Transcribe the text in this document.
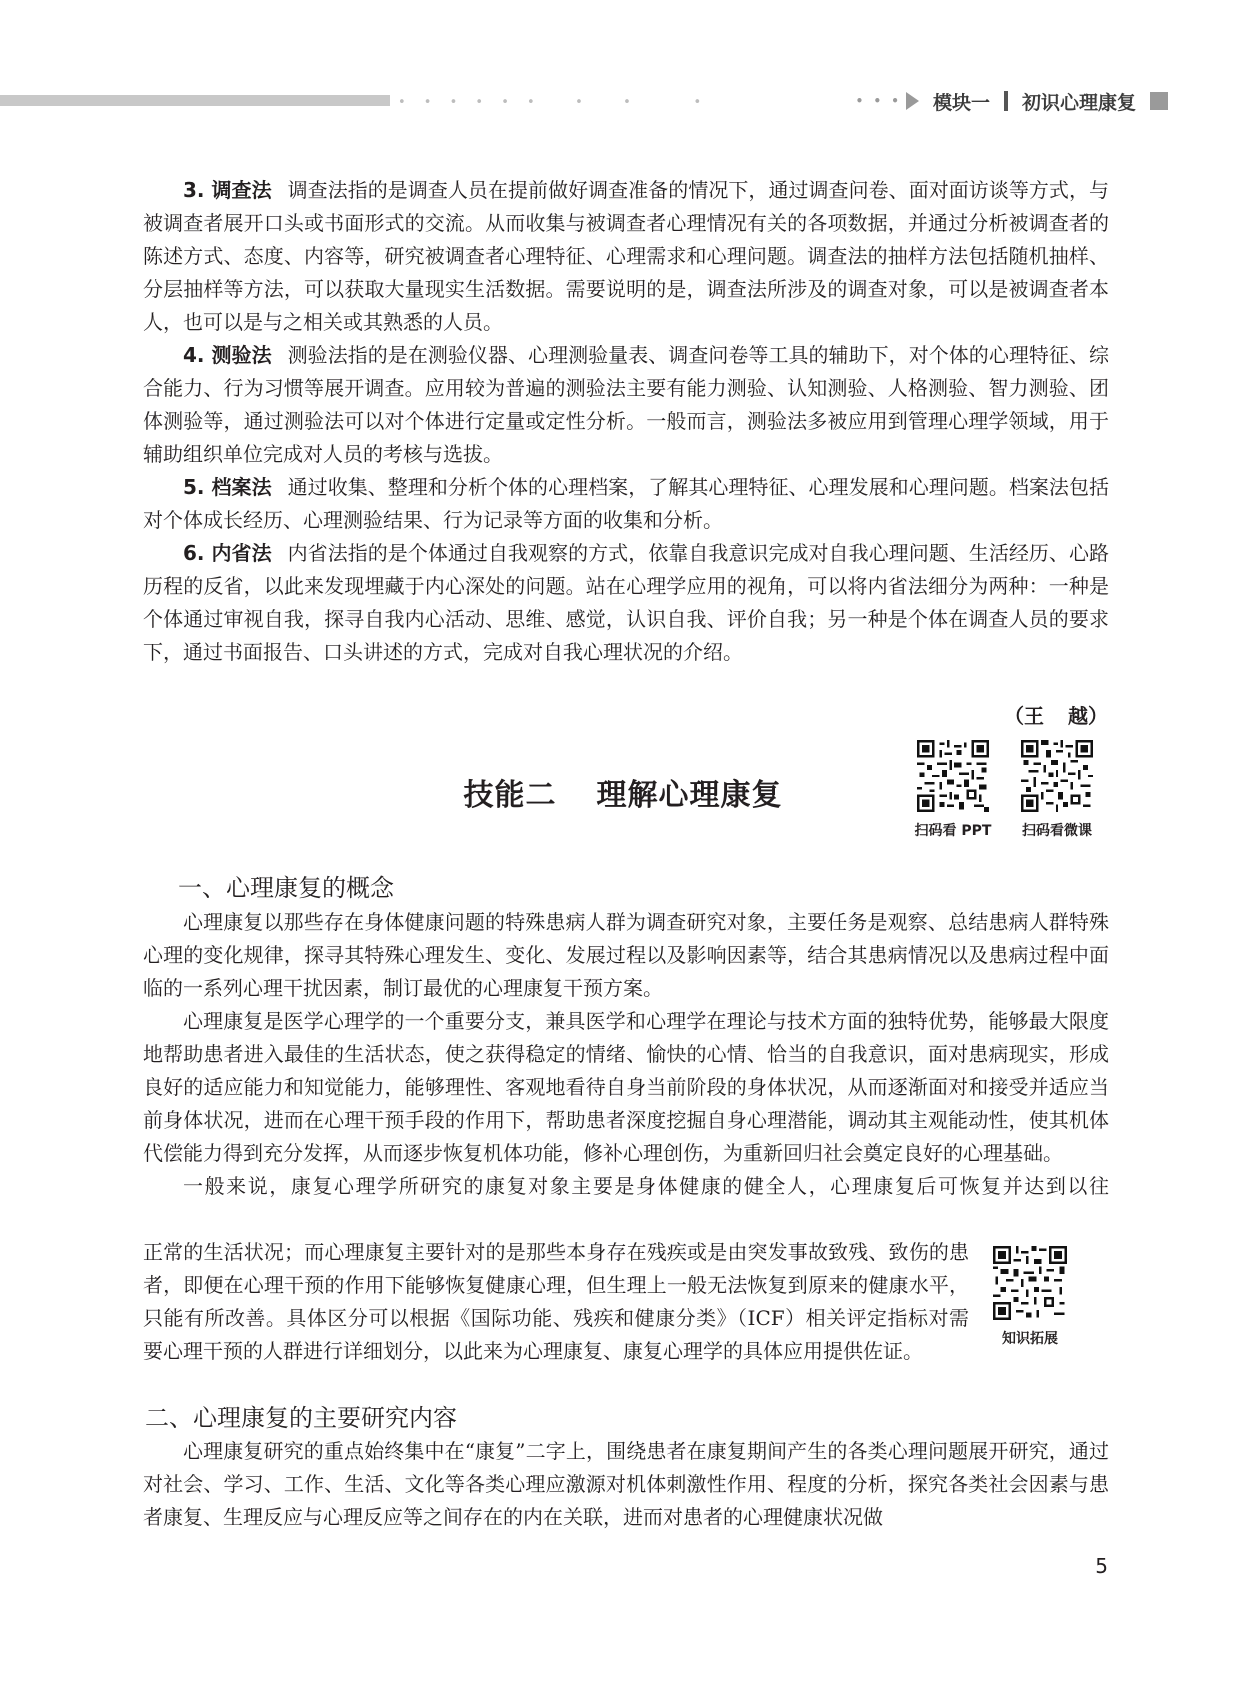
• • • • • •   •   •     •	• • • 模块一 初识心理康复

3. 调查法 调查法指的是调查人员在提前做好调查准备的情况下，通过调查问卷、面对面访谈等方式，与被调查者展开口头或书面形式的交流。从而收集与被调查者心理情况有关的各项数据，并通过分析被调查者的陈述方式、态度、内容等，研究被调查者心理特征、心理需求和心理问题。调查法的抽样方法包括随机抽样、分层抽样等方法，可以获取大量现实生活数据。需要说明的是，调查法所涉及的调查对象，可以是被调查者本人，也可以是与之相关或其熟悉的人员。

4. 测验法 测验法指的是在测验仪器、心理测验量表、调查问卷等工具的辅助下，对个体的心理特征、综合能力、行为习惯等展开调查。应用较为普遍的测验法主要有能力测验、认知测验、人格测验、智力测验、团体测验等，通过测验法可以对个体进行定量或定性分析。一般而言，测验法多被应用到管理心理学领域，用于辅助组织单位完成对人员的考核与选拔。

5. 档案法 通过收集、整理和分析个体的心理档案，了解其心理特征、心理发展和心理问题。档案法包括对个体成长经历、心理测验结果、行为记录等方面的收集和分析。

6. 内省法 内省法指的是个体通过自我观察的方式，依靠自我意识完成对自我心理问题、生活经历、心路历程的反省，以此来发现埋藏于内心深处的问题。站在心理学应用的视角，可以将内省法细分为两种：一种是个体通过审视自我，探寻自我内心活动、思维、感觉，认识自我、评价自我；另一种是个体在调查人员的要求下，通过书面报告、口头讲述的方式，完成对自我心理状况的介绍。

（王 越）
技能二 理解心理康复
扫码看 PPT	扫码看微课
一、心理康复的概念

心理康复以那些存在身体健康问题的特殊患病人群为调查研究对象，主要任务是观察、总结患病人群特殊心理的变化规律，探寻其特殊心理发生、变化、发展过程以及影响因素等，结合其患病情况以及患病过程中面临的一系列心理干扰因素，制订最优的心理康复干预方案。

心理康复是医学心理学的一个重要分支，兼具医学和心理学在理论与技术方面的独特优势，能够最大限度地帮助患者进入最佳的生活状态，使之获得稳定的情绪、愉快的心情、恰当的自我意识，面对患病现实，形成良好的适应能力和知觉能力，能够理性、客观地看待自身当前阶段的身体状况，从而逐渐面对和接受并适应当前身体状况，进而在心理干预手段的作用下，帮助患者深度挖掘自身心理潜能，调动其主观能动性，使其机体代偿能力得到充分发挥，从而逐步恢复机体功能，修补心理创伤，为重新回归社会奠定良好的心理基础。

一般来说，康复心理学所研究的康复对象主要是身体健康的健全人，心理康复后可恢复并达到以往

正常的生活状况；而心理康复主要针对的是那些本身存在残疾或是由突发事故致残、致伤的患者，即便在心理干预的作用下能够恢复健康心理，但生理上一般无法恢复到原来的健康水平，只能有所改善。具体区分可以根据《国际功能、残疾和健康分类》（ICF）相关评定指标对需要心理干预的人群进行详细划分，以此来为心理康复、康复心理学的具体应用提供佐证。	知识拓展
二、心理康复的主要研究内容

心理康复研究的重点始终集中在“康复”二字上，围绕患者在康复期间产生的各类心理问题展开研究，通过对社会、学习、工作、生活、文化等各类心理应激源对机体刺激性作用、程度的分析，探究各类社会因素与患者康复、生理反应与心理反应等之间存在的内在关联，进而对患者的心理健康状况做

5
